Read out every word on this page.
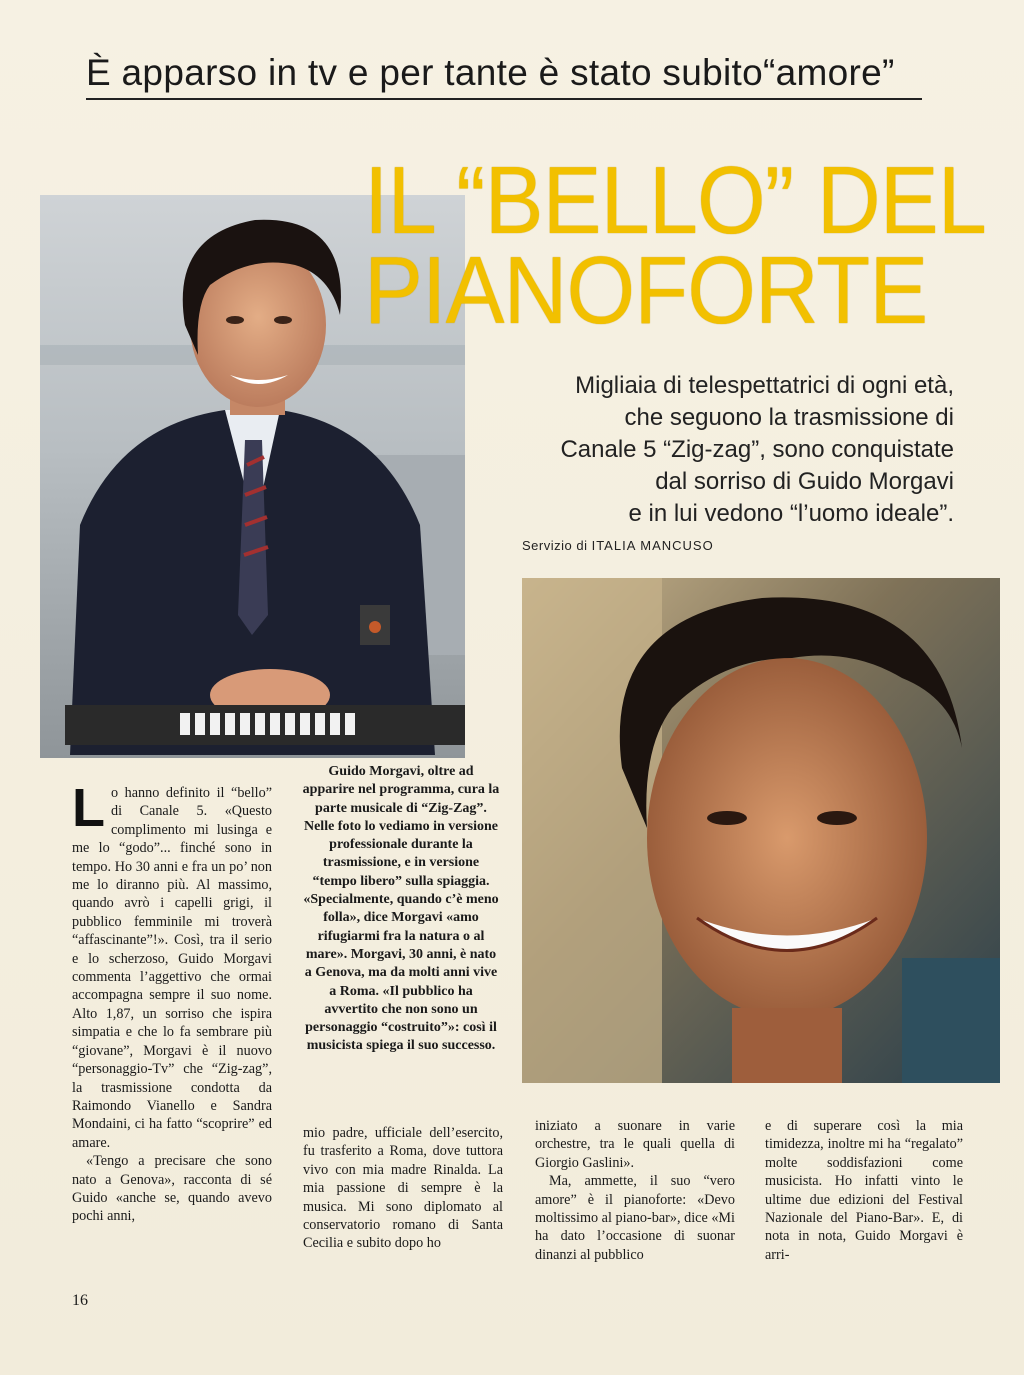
È apparso in tv e per tante è stato subito“amore”
IL “BELLO” DEL
PIANOFORTE
Migliaia di telespettatrici di ogni età,
che seguono la trasmissione di
Canale 5 “Zig-zag”, sono conquistate
dal sorriso di Guido Morgavi
e in lui vedono “l’uomo ideale”.
Servizio di ITALIA MANCUSO
Guido Morgavi, oltre ad apparire nel programma, cura la parte musicale di “Zig-Zag”. Nelle foto lo vediamo in versione professionale durante la trasmissione, e in versione “tempo libero” sulla spiaggia. «Specialmente, quando c’è meno folla», dice Morgavi «amo rifugiarmi fra la natura o al mare». Morgavi, 30 anni, è nato a Genova, ma da molti anni vive a Roma. «Il pubblico ha avvertito che non sono un personaggio “costruito”»: così il musicista spiega il suo successo.

Lo hanno definito il “bello” di Canale 5. «Questo complimento mi lusinga e me lo “godo”... finché sono in tempo. Ho 30 anni e fra un po’ non me lo diranno più. Al massimo, quando avrò i capelli grigi, il pubblico femminile mi troverà “affascinante”!». Così, tra il serio e lo scherzoso, Guido Morgavi commenta l’aggettivo che ormai accompagna sempre il suo nome. Alto 1,87, un sorriso che ispira simpatia e che lo fa sembrare più “giovane”, Morgavi è il nuovo “personaggio-Tv” che “Zig-zag”, la trasmissione condotta da Raimondo Vianello e Sandra Mondaini, ci ha fatto “scoprire” ed amare.

«Tengo a precisare che sono nato a Genova», racconta di sé Guido «anche se, quando avevo pochi anni,

mio padre, ufficiale dell’esercito, fu trasferito a Roma, dove tuttora vivo con mia madre Rinalda. La mia passione di sempre è la musica. Mi sono diplomato al conservatorio romano di Santa Cecilia e subito dopo ho

iniziato a suonare in varie orchestre, tra le quali quella di Giorgio Gaslini».

Ma, ammette, il suo “vero amore” è il pianoforte: «Devo moltissimo al piano-bar», dice «Mi ha dato l’occasione di suonar dinanzi al pubblico

e di superare così la mia timidezza, inoltre mi ha “regalato” molte soddisfazioni come musicista. Ho infatti vinto le ultime due edizioni del Festival Nazionale del Piano-Bar». E, di nota in nota, Guido Morgavi è arri-

16
